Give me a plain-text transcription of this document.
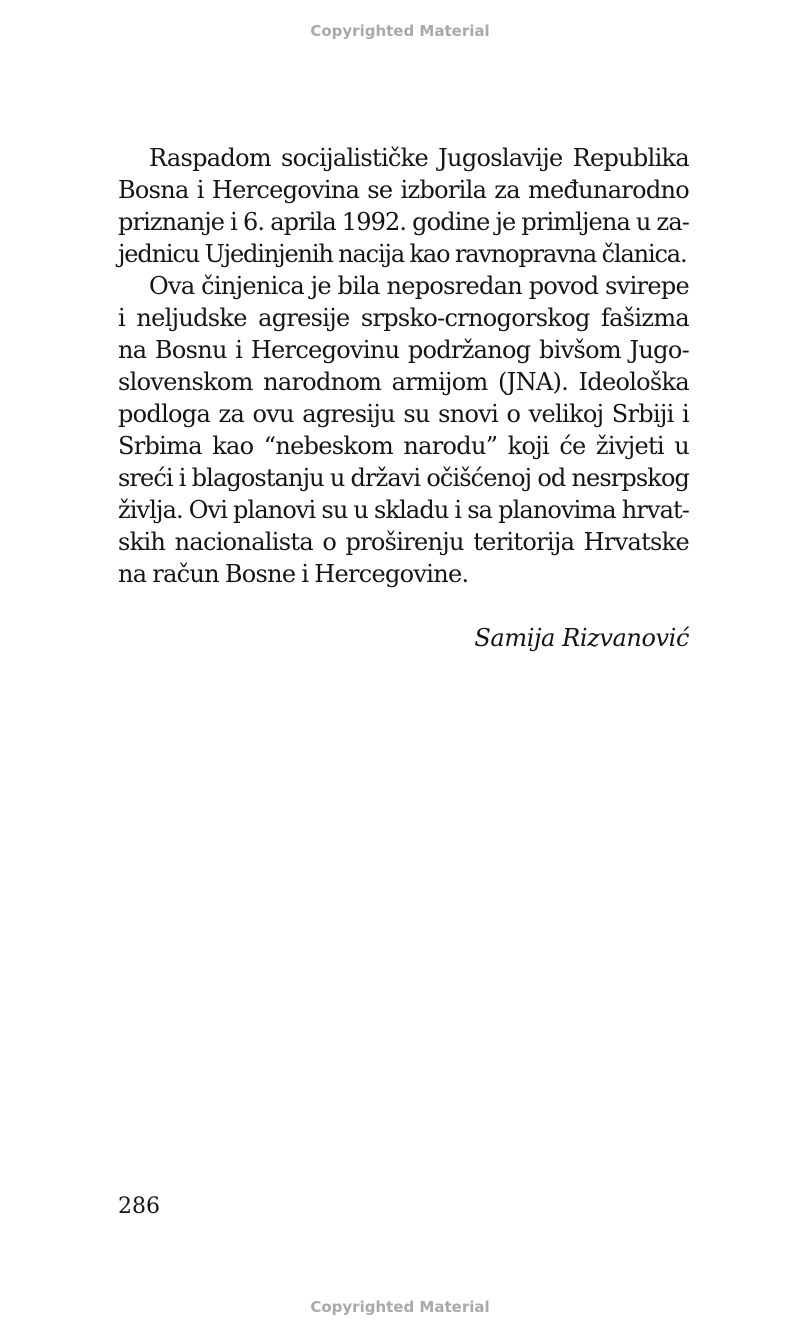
Copyrighted Material
Raspadom socijalističke Jugoslavije Republika
Bosna i Hercegovina se izborila za međunarodno
priznanje i 6. aprila 1992. godine je primljena u za-
jednicu Ujedinjenih nacija kao ravnopravna članica.
Ova činjenica je bila neposredan povod svirepe
i neljudske agresije srpsko-crnogorskog fašizma
na Bosnu i Hercegovinu podržanog bivšom Jugo-
slovenskom narodnom armijom (JNA). Ideološka
podloga za ovu agresiju su snovi o velikoj Srbiji i
Srbima kao “nebeskom narodu” koji će živjeti u
sreći i blagostanju u državi očišćenoj od nesrpskog
življa. Ovi planovi su u skladu i sa planovima hrvat-
skih nacionalista o proširenju teritorija Hrvatske
na račun Bosne i Hercegovine.
Samija Rizvanović
286
Copyrighted Material
